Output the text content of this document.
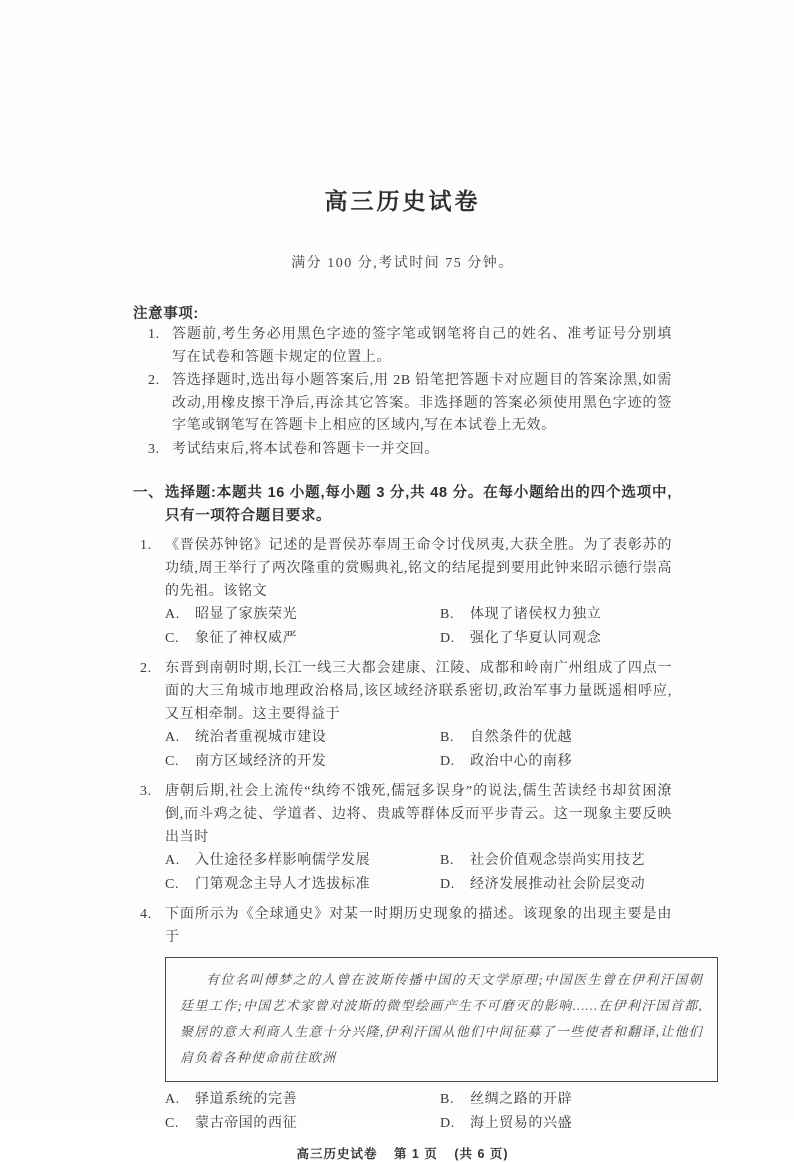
高三历史试卷
满分 100 分,考试时间 75 分钟。
注意事项:
1. 答题前,考生务必用黑色字迹的签字笔或钢笔将自己的姓名、准考证号分别填写在试卷和答题卡规定的位置上。
2. 答选择题时,选出每小题答案后,用 2B 铅笔把答题卡对应题目的答案涂黑,如需改动,用橡皮擦干净后,再涂其它答案。非选择题的答案必须使用黑色字迹的签字笔或钢笔写在答题卡上相应的区域内,写在本试卷上无效。
3. 考试结束后,将本试卷和答题卡一并交回。
一、 选择题:本题共 16 小题,每小题 3 分,共 48 分。在每小题给出的四个选项中,只有一项符合题目要求。
1. 《晋侯苏钟铭》记述的是晋侯苏奉周王命令讨伐夙夷,大获全胜。为了表彰苏的功绩,周王举行了两次隆重的赏赐典礼,铭文的结尾提到要用此钟来昭示德行崇高的先祖。该铭文
A. 昭显了家族荣光	B. 体现了诸侯权力独立
C. 象征了神权威严	D. 强化了华夏认同观念
2. 东晋到南朝时期,长江一线三大都会建康、江陵、成都和岭南广州组成了四点一面的大三角城市地理政治格局,该区域经济联系密切,政治军事力量既遥相呼应,又互相牵制。这主要得益于
A. 统治者重视城市建设	B. 自然条件的优越
C. 南方区域经济的开发	D. 政治中心的南移
3. 唐朝后期,社会上流传“纨绔不饿死,儒冠多误身”的说法,儒生苦读经书却贫困潦倒,而斗鸡之徒、学道者、边将、贵戚等群体反而平步青云。这一现象主要反映出当时
A. 入仕途径多样影响儒学发展	B. 社会价值观念崇尚实用技艺
C. 门第观念主导人才选拔标准	D. 经济发展推动社会阶层变动
4. 下面所示为《全球通史》对某一时期历史现象的描述。该现象的出现主要是由于

有位名叫傅梦之的人曾在波斯传播中国的天文学原理;中国医生曾在伊利汗国朝廷里工作;中国艺术家曾对波斯的微型绘画产生不可磨灭的影响……在伊利汗国首都,聚居的意大利商人生意十分兴隆,伊利汗国从他们中间征募了一些使者和翻译,让他们肩负着各种使命前往欧洲

A. 驿道系统的完善	B. 丝绸之路的开辟
C. 蒙古帝国的西征	D. 海上贸易的兴盛
高三历史试卷 第 1 页 (共 6 页)
